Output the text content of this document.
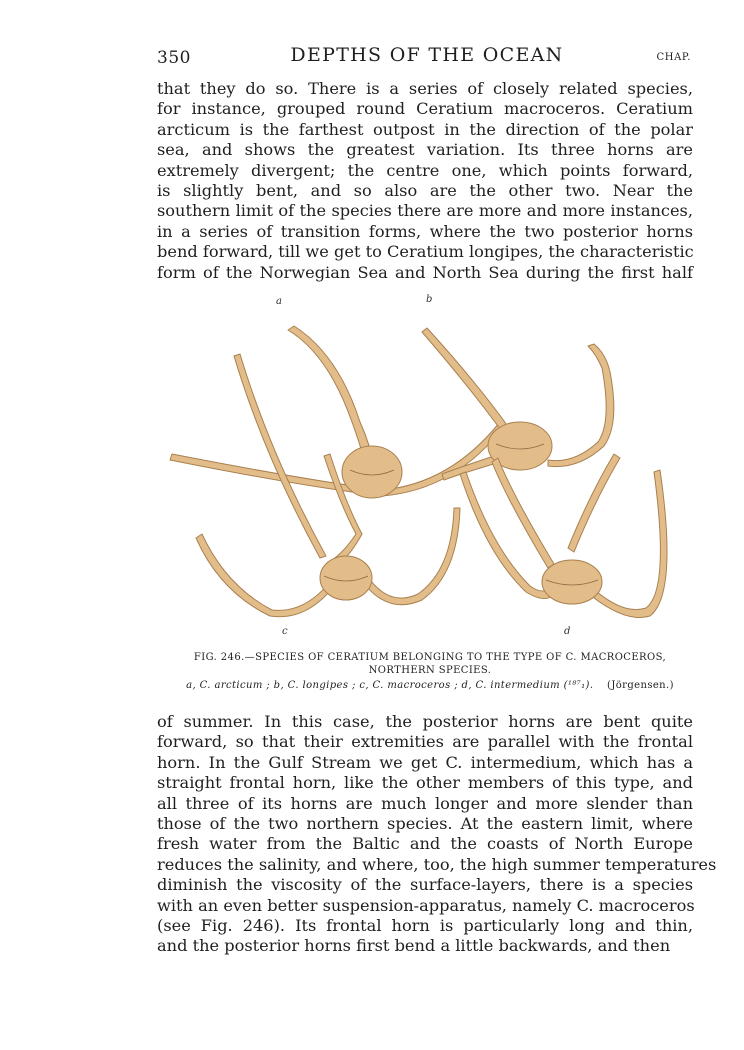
350	DEPTHS OF THE OCEAN	CHAP.
that they do so. There is a series of closely related species,
for instance, grouped round Ceratium macroceros. Ceratium
arcticum is the farthest outpost in the direction of the polar
sea, and shows the greatest variation. Its three horns are
extremely divergent; the centre one, which points forward,
is slightly bent, and so also are the other two. Near the
southern limit of the species there are more and more instances,
in a series of transition forms, where the two posterior horns
bend forward, till we get to Ceratium longipes, the characteristic
form of the Norwegian Sea and North Sea during the first half
a	b
c	d
FIG. 246.—SPECIES OF CERATIUM BELONGING TO THE TYPE OF C. MACROCEROS,
NORTHERN SPECIES.
a, C. arcticum ; b, C. longipes ; c, C. macroceros ; d, C. intermedium (¹⁸⁷₁). (Jörgensen.)
of summer. In this case, the posterior horns are bent quite
forward, so that their extremities are parallel with the frontal
horn. In the Gulf Stream we get C. intermedium, which has a
straight frontal horn, like the other members of this type, and
all three of its horns are much longer and more slender than
those of the two northern species. At the eastern limit, where
fresh water from the Baltic and the coasts of North Europe
reduces the salinity, and where, too, the high summer temperatures
diminish the viscosity of the surface-layers, there is a species
with an even better suspension-apparatus, namely C. macroceros
(see Fig. 246). Its frontal horn is particularly long and thin,
and the posterior horns first bend a little backwards, and then
